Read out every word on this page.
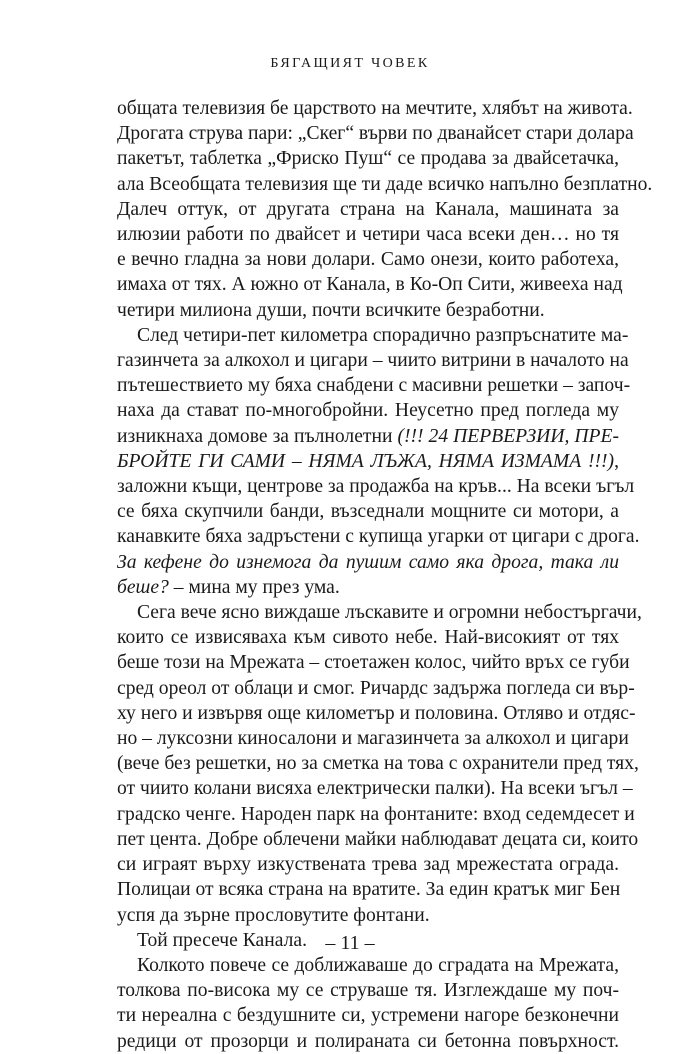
БЯГАЩИЯТ ЧОВЕК
общата телевизия бе царството на мечтите, хлябът на живота.
Дрогата струва пари: „Скег“ върви по дванайсет стари долара
пакетът, таблетка „Фриско Пуш“ се продава за двайсетачка,
ала Всеобщата телевизия ще ти даде всичко напълно безплатно.
Далеч оттук, от другата страна на Канала, машината за
илюзии работи по двайсет и четири часа всеки ден… но тя
е вечно гладна за нови долари. Само онези, които работеха,
имаха от тях. А южно от Канала, в Ко-Оп Сити, живееха над
четири милиона души, почти всичките безработни.
След четири-пет километра спорадично разпръснатите ма-
газинчета за алкохол и цигари – чиито витрини в началото на
пътешествието му бяха снабдени с масивни решетки – започ-
наха да стават по-многобройни. Неусетно пред погледа му
изникнаха домове за пълнолетни (!!! 24 ПЕРВЕРЗИИ, ПРЕ-
БРОЙТЕ ГИ САМИ – НЯМА ЛЪЖА, НЯМА ИЗМАМА !!!),
заложни къщи, центрове за продажба на кръв... На всеки ъгъл
се бяха скупчили банди, възседнали мощните си мотори, а
канавките бяха задръстени с купища угарки от цигари с дрога.
За кефене до изнемога да пушим само яка дрога, така ли
беше? – мина му през ума.
Сега вече ясно виждаше лъскавите и огромни небостъргачи,
които се извисяваха към сивото небе. Най-високият от тях
беше този на Мрежата – стоетажен колос, чийто връх се губи
сред ореол от облаци и смог. Ричардс задържа погледа си вър-
ху него и извървя още километър и половина. Отляво и отдяс-
но – луксозни киносалони и магазинчета за алкохол и цигари
(вече без решетки, но за сметка на това с охранители пред тях,
от чиито колани висяха електрически палки). На всеки ъгъл –
градско ченге. Народен парк на фонтаните: вход седемдесет и
пет цента. Добре облечени майки наблюдават децата си, които
си играят върху изкуствената трева зад мрежестата ограда.
Полицаи от всяка страна на вратите. За един кратък миг Бен
успя да зърне прословутите фонтани.
Той пресече Канала.
Колкото повече се доближаваше до сградата на Мрежата,
толкова по-висока му се струваше тя. Изглеждаше му поч-
ти нереална с бездушните си, устремени нагоре безконечни
редици от прозорци и полираната си бетонна повърхност.
– 11 –
